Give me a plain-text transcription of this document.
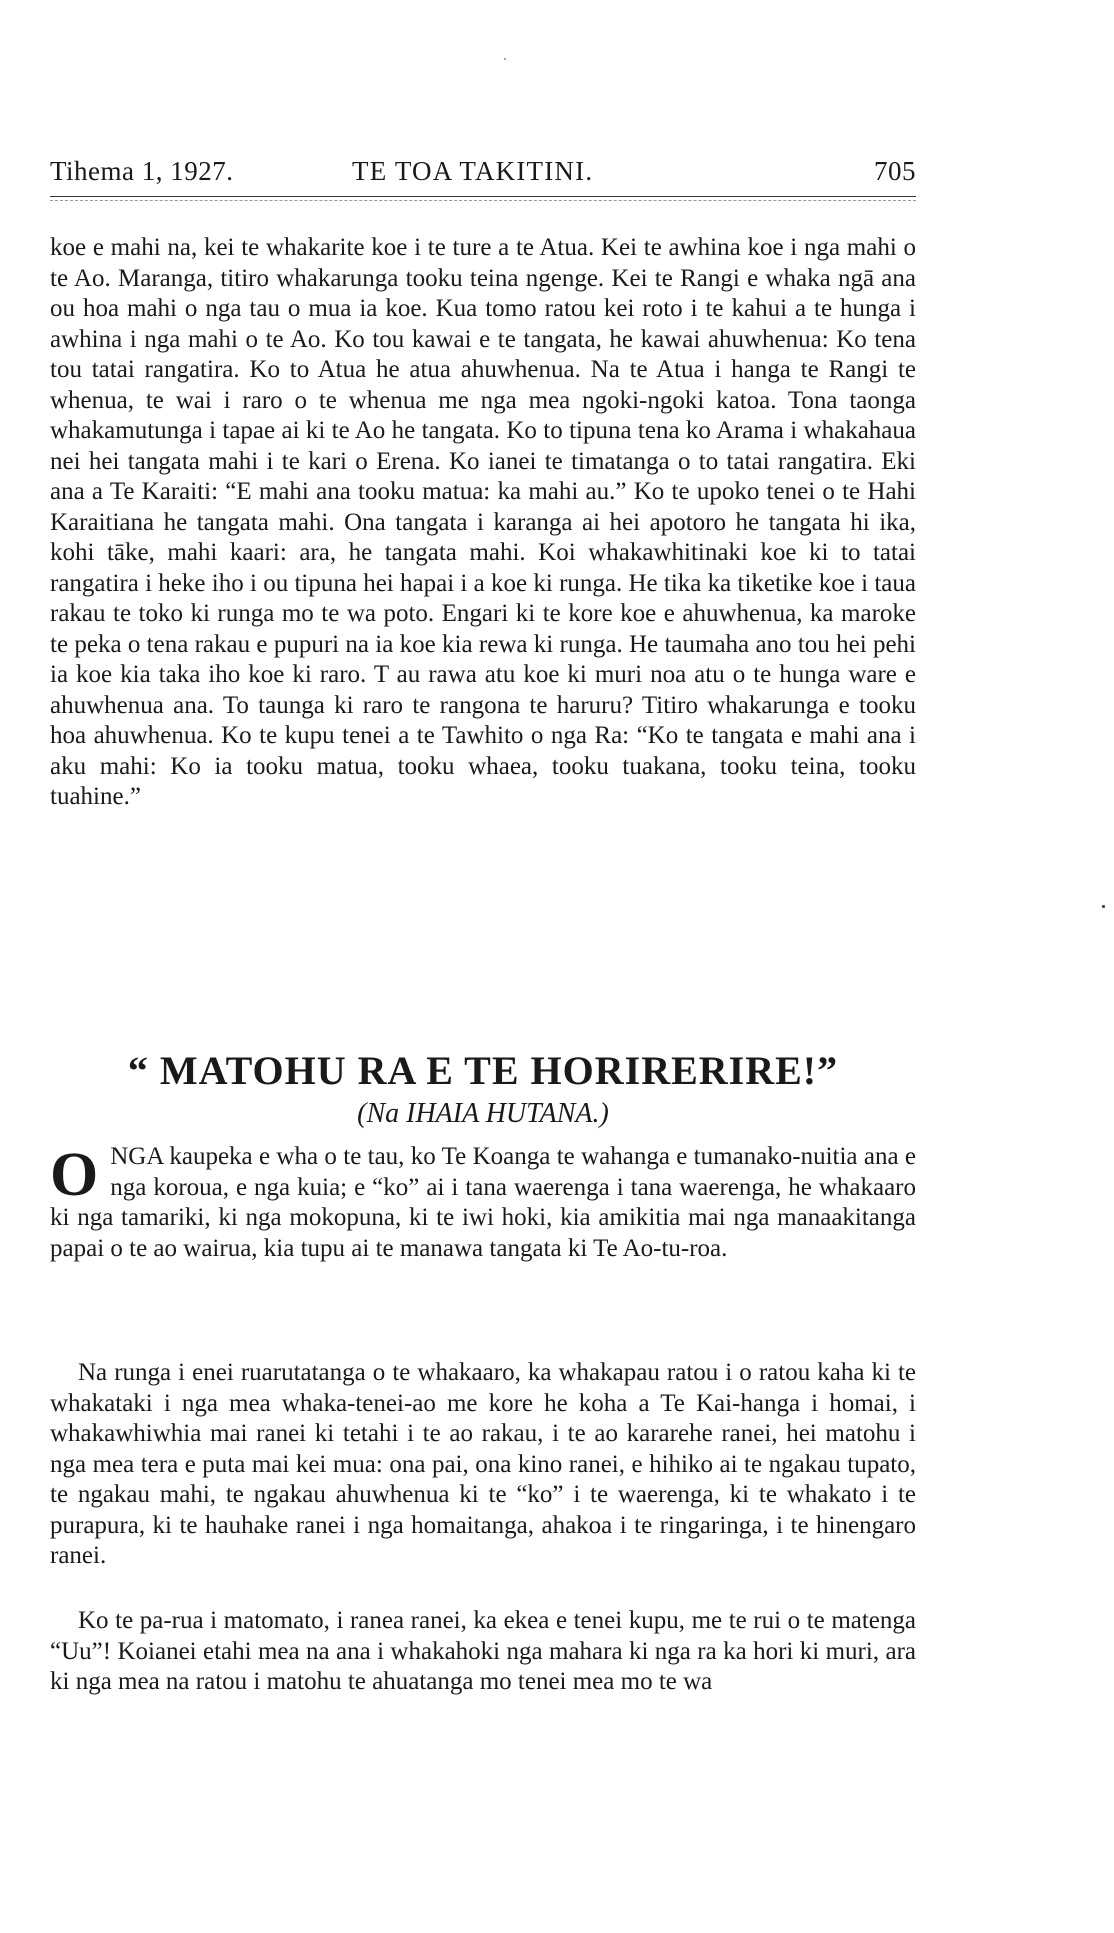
Tihema 1, 1927.	TE TOA TAKITINI.	705

koe e mahi na, kei te whakarite koe i te ture a te Atua. Kei te awhina koe i nga mahi o te Ao. Maranga, titiro whakarunga tooku teina ngenge. Kei te Rangi e whaka ngā ana ou hoa mahi o nga tau o mua ia koe. Kua tomo ratou kei roto i te kahui a te hunga i awhina i nga mahi o te Ao. Ko tou kawai e te tangata, he kawai ahuwhenua: Ko tena tou tatai rangatira. Ko to Atua he atua ahuwhenua. Na te Atua i hanga te Rangi te whenua, te wai i raro o te whenua me nga mea ngoki-ngoki katoa. Tona taonga whakamutunga i tapae ai ki te Ao he tangata. Ko to tipuna tena ko Arama i whakahaua nei hei tangata mahi i te kari o Erena. Ko ianei te timatanga o to tatai rangatira. Eki ana a Te Karaiti: “E mahi ana tooku matua: ka mahi au.” Ko te upoko tenei o te Hahi Karaitiana he tangata mahi. Ona tangata i karanga ai hei apotoro he tangata hi ika, kohi tāke, mahi kaari: ara, he tangata mahi. Koi whakawhitinaki koe ki to tatai rangatira i heke iho i ou tipuna hei hapai i a koe ki runga. He tika ka tiketike koe i taua rakau te toko ki runga mo te wa poto. Engari ki te kore koe e ahuwhenua, ka maroke te peka o tena rakau e pupuri na ia koe kia rewa ki runga. He taumaha ano tou hei pehi ia koe kia taka iho koe ki raro. T au rawa atu koe ki muri noa atu o te hunga ware e ahuwhenua ana. To taunga ki raro te rangona te haruru? Titiro whakarunga e tooku hoa ahuwhenua. Ko te kupu tenei a te Tawhito o nga Ra: “Ko te tangata e mahi ana i aku mahi: Ko ia tooku matua, tooku whaea, tooku tuakana, tooku teina, tooku tuahine.”

“ MATOHU RA E TE HORIRERIRE!”
(Na IHAIA HUTANA.)

ONGA kaupeka e wha o te tau, ko Te Koanga te wahanga e tumanako-nuitia ana e nga koroua, e nga kuia; e “ko” ai i tana waerenga i tana waerenga, he whakaaro ki nga tamariki, ki nga mokopuna, ki te iwi hoki, kia amikitia mai nga manaakitanga papai o te ao wairua, kia tupu ai te manawa tangata ki Te Ao-tu-roa.

Na runga i enei ruarutatanga o te whakaaro, ka whakapau ratou i o ratou kaha ki te whakataki i nga mea whaka-tenei-ao me kore he koha a Te Kai-hanga i homai, i whakawhiwhia mai ranei ki tetahi i te ao rakau, i te ao kararehe ranei, hei matohu i nga mea tera e puta mai kei mua: ona pai, ona kino ranei, e hihiko ai te ngakau tupato, te ngakau mahi, te ngakau ahuwhenua ki te “ko” i te waerenga, ki te whakato i te purapura, ki te hauhake ranei i nga homaitanga, ahakoa i te ringaringa, i te hinengaro ranei.

Ko te pa-rua i matomato, i ranea ranei, ka ekea e tenei kupu, me te rui o te matenga “Uu”! Koianei etahi mea na ana i whakahoki nga mahara ki nga ra ka hori ki muri, ara ki nga mea na ratou i matohu te ahuatanga mo tenei mea mo te wa
